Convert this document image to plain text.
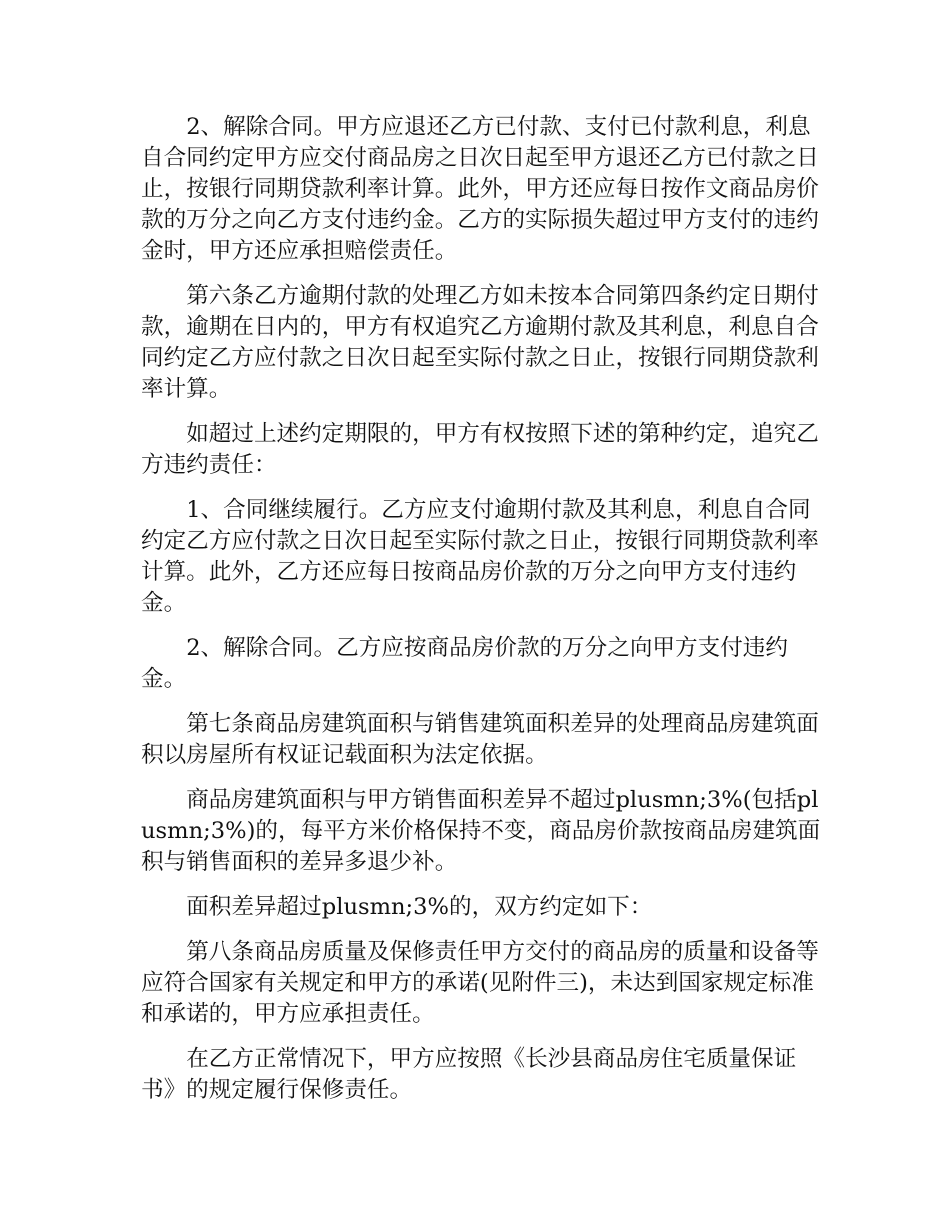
2、解除合同。甲方应退还乙方已付款、支付已付款利息，利息自合同约定甲方应交付商品房之日次日起至甲方退还乙方已付款之日止，按银行同期贷款利率计算。此外，甲方还应每日按作文商品房价款的万分之向乙方支付违约金。乙方的实际损失超过甲方支付的违约金时，甲方还应承担赔偿责任。

第六条乙方逾期付款的处理乙方如未按本合同第四条约定日期付款，逾期在日内的，甲方有权追究乙方逾期付款及其利息，利息自合同约定乙方应付款之日次日起至实际付款之日止，按银行同期贷款利率计算。

如超过上述约定期限的，甲方有权按照下述的第种约定，追究乙方违约责任：

1、合同继续履行。乙方应支付逾期付款及其利息，利息自合同约定乙方应付款之日次日起至实际付款之日止，按银行同期贷款利率计算。此外，乙方还应每日按商品房价款的万分之向甲方支付违约金。

2、解除合同。乙方应按商品房价款的万分之向甲方支付违约金。

第七条商品房建筑面积与销售建筑面积差异的处理商品房建筑面积以房屋所有权证记载面积为法定依据。

商品房建筑面积与甲方销售面积差异不超过plusmn;3%(包括plusmn;3%)的，每平方米价格保持不变，商品房价款按商品房建筑面积与销售面积的差异多退少补。

面积差异超过plusmn;3%的，双方约定如下：

第八条商品房质量及保修责任甲方交付的商品房的质量和设备等应符合国家有关规定和甲方的承诺(见附件三)，未达到国家规定标准和承诺的，甲方应承担责任。

在乙方正常情况下，甲方应按照《长沙县商品房住宅质量保证书》的规定履行保修责任。
